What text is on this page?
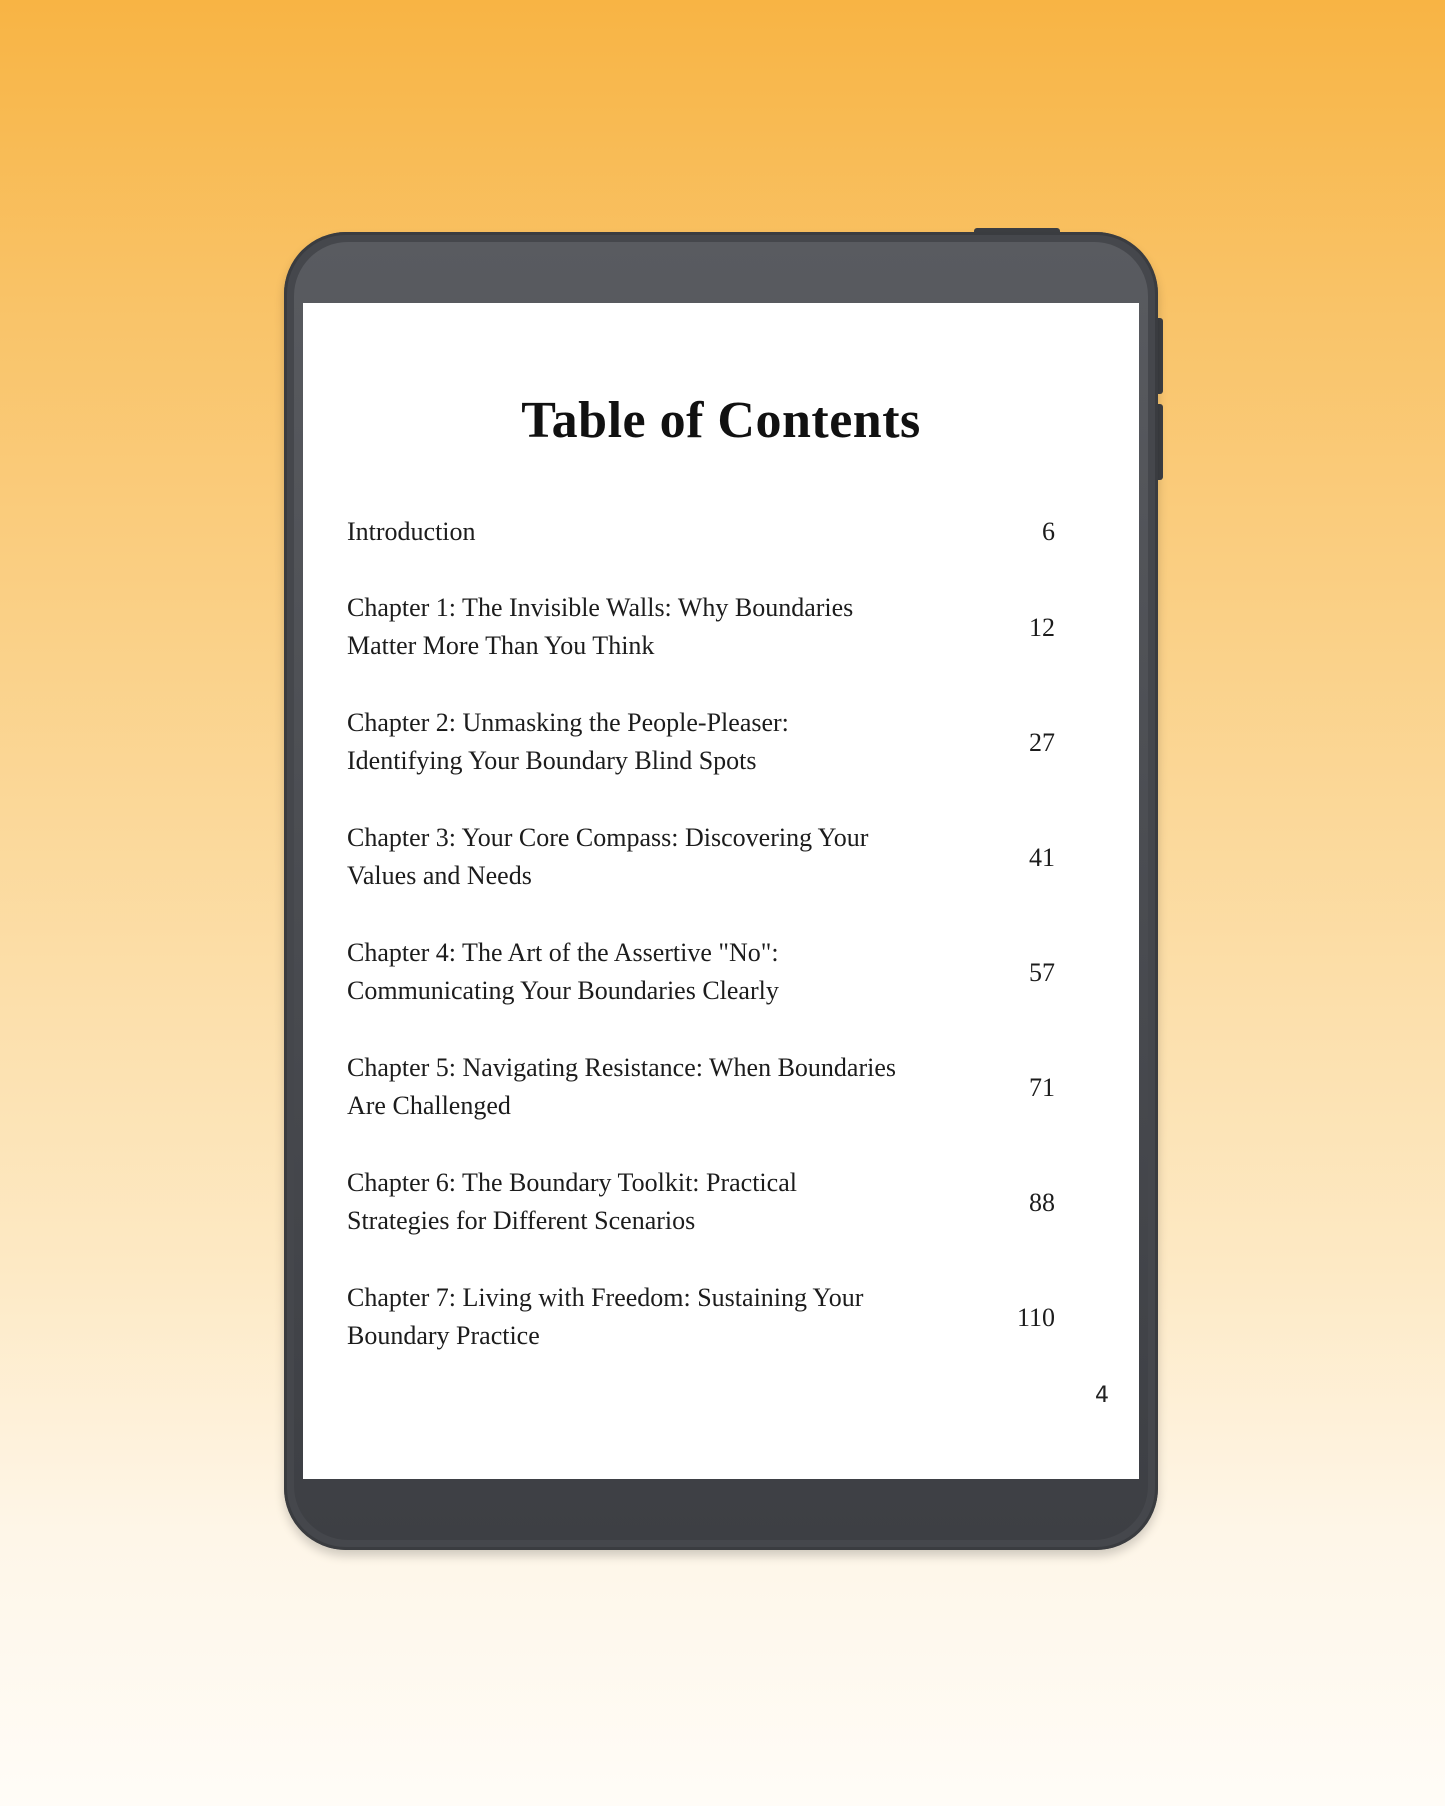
Table of Contents
Introduction	6
Chapter 1: The Invisible Walls: Why Boundaries
Matter More Than You Think
12
Chapter 2: Unmasking the People-Pleaser:
Identifying Your Boundary Blind Spots
27
Chapter 3: Your Core Compass: Discovering Your
Values and Needs
41
Chapter 4: The Art of the Assertive "No":
Communicating Your Boundaries Clearly
57
Chapter 5: Navigating Resistance: When Boundaries
Are Challenged
71
Chapter 6: The Boundary Toolkit: Practical
Strategies for Different Scenarios
88
Chapter 7: Living with Freedom: Sustaining Your
Boundary Practice
110
4
